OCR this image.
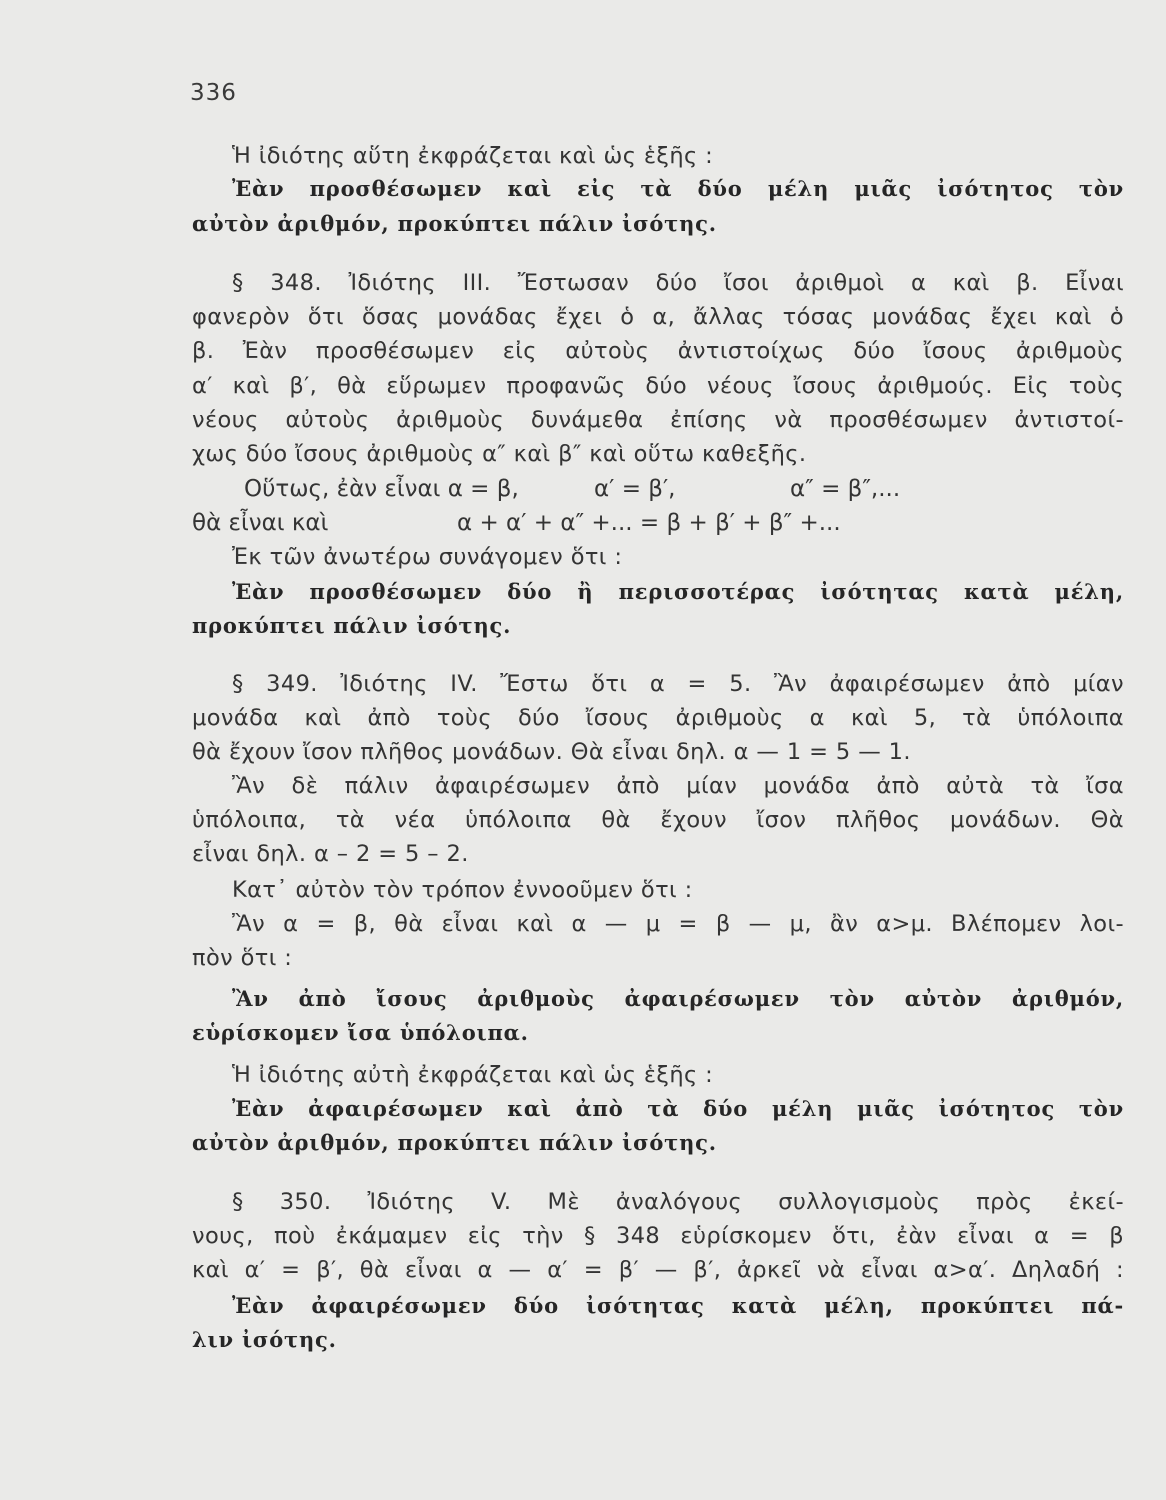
336
Ἡ ἰδιότης αὕτη ἐκφράζεται καὶ ὡς ἑξῆς :
Ἐὰν προσθέσωμεν καὶ εἰς τὰ δύο μέλη μιᾶς ἰσότητος τὸν
αὐτὸν ἀριθμόν, προκύπτει πάλιν ἰσότης.
§ 348. Ἰδιότης III. Ἔστωσαν δύο ἴσοι ἀριθμοὶ α καὶ β. Εἶναι
φανερὸν ὅτι ὅσας μονάδας ἔχει ὁ α, ἄλλας τόσας μονάδας ἔχει καὶ ὁ
β. Ἐὰν προσθέσωμεν εἰς αὐτοὺς ἀντιστοίχως δύο ἴσους ἀριθμοὺς
α′ καὶ β′, θὰ εὕρωμεν προφανῶς δύο νέους ἴσους ἀριθμούς. Εἰς τοὺς
νέους αὐτοὺς ἀριθμοὺς δυνάμεθα ἐπίσης νὰ προσθέσωμεν ἀντιστοί-
χως δύο ἴσους ἀριθμοὺς α″ καὶ β″ καὶ οὕτω καθεξῆς.
Οὕτως, ἐὰν εἶναι α = β,	α′ = β′,	α″ = β″,...
θὰ εἶναι καὶ	α + α′ + α″ +... = β + β′ + β″ +...
Ἐκ τῶν ἀνωτέρω συνάγομεν ὅτι :
Ἐὰν προσθέσωμεν δύο ἢ περισσοτέρας ἰσότητας κατὰ μέλη,
προκύπτει πάλιν ἰσότης.
§ 349. Ἰδιότης IV. Ἔστω ὅτι α = 5. Ἂν ἀφαιρέσωμεν ἀπὸ μίαν
μονάδα καὶ ἀπὸ τοὺς δύο ἴσους ἀριθμοὺς α καὶ 5, τὰ ὑπόλοιπα
θὰ ἔχουν ἴσον πλῆθος μονάδων. Θὰ εἶναι δηλ. α — 1 = 5 — 1.
Ἂν δὲ πάλιν ἀφαιρέσωμεν ἀπὸ μίαν μονάδα ἀπὸ αὐτὰ τὰ ἴσα
ὑπόλοιπα, τὰ νέα ὑπόλοιπα θὰ ἔχουν ἴσον πλῆθος μονάδων. Θὰ
εἶναι δηλ. α – 2 = 5 – 2.
Κατ᾽ αὐτὸν τὸν τρόπον ἐννοοῦμεν ὅτι :
Ἂν α = β, θὰ εἶναι καὶ α — μ = β — μ, ἂν α>μ. Βλέπομεν λοι-
πὸν ὅτι :
Ἂν ἀπὸ ἴσους ἀριθμοὺς ἀφαιρέσωμεν τὸν αὐτὸν ἀριθμόν,
εὑρίσκομεν ἴσα ὑπόλοιπα.
Ἡ ἰδιότης αὐτὴ ἐκφράζεται καὶ ὡς ἑξῆς :
Ἐὰν ἀφαιρέσωμεν καὶ ἀπὸ τὰ δύο μέλη μιᾶς ἰσότητος τὸν
αὐτὸν ἀριθμόν, προκύπτει πάλιν ἰσότης.
§ 350. Ἰδιότης V. Μὲ ἀναλόγους συλλογισμοὺς πρὸς ἐκεί-
νους, ποὺ ἐκάμαμεν εἰς τὴν § 348 εὑρίσκομεν ὅτι, ἐὰν εἶναι α = β
καὶ α′ = β′, θὰ εἶναι α — α′ = β′ — β′, ἀρκεῖ νὰ εἶναι α>α′. Δηλαδή :
Ἐὰν ἀφαιρέσωμεν δύο ἰσότητας κατὰ μέλη, προκύπτει πά-
λιν ἰσότης.
